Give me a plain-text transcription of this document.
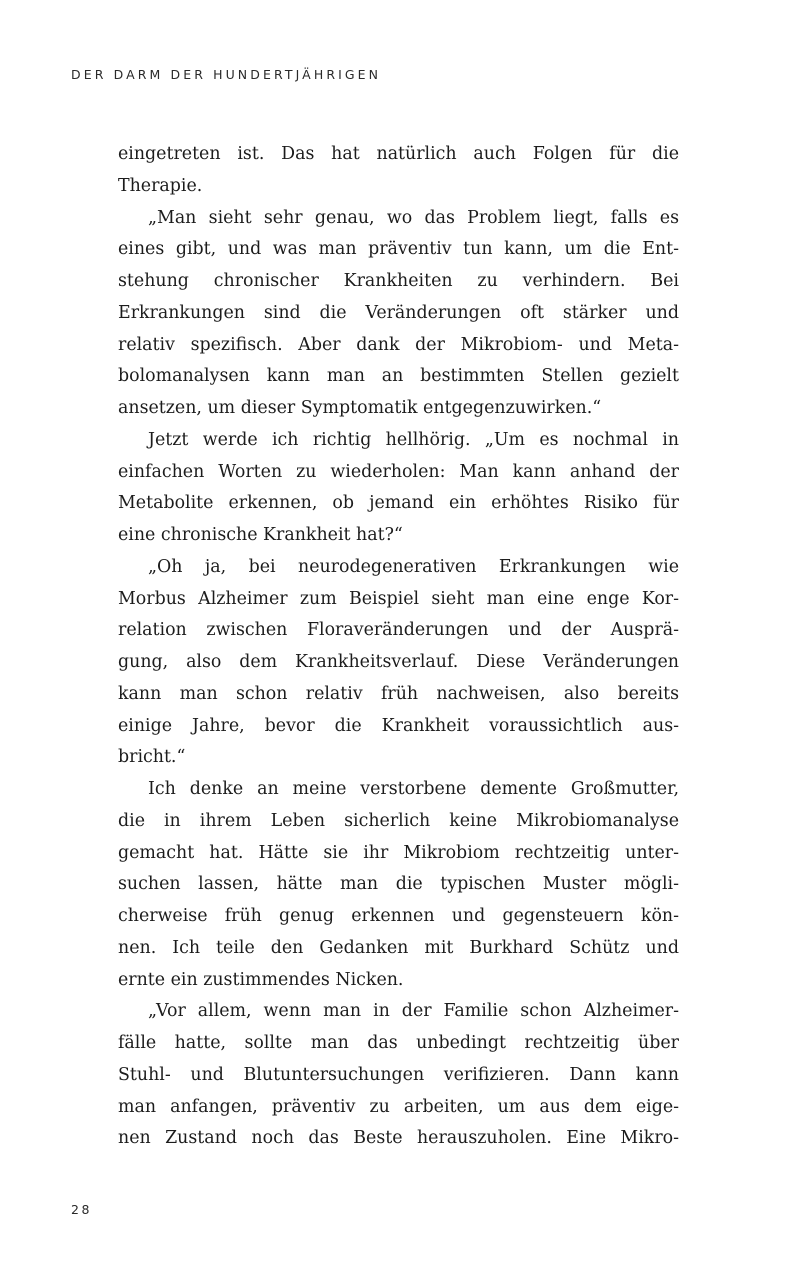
DER DARM DER HUNDERTJÄHRIGEN

eingetreten ist. Das hat natürlich auch Folgen für die
Therapie.

„Man sieht sehr genau, wo das Problem liegt, falls es
eines gibt, und was man präventiv tun kann, um die Ent-
stehung chronischer Krankheiten zu verhindern. Bei
Erkrankungen sind die Veränderungen oft stärker und
relativ spezifisch. Aber dank der Mikrobiom- und Meta-
bolomanalysen kann man an bestimmten Stellen gezielt
ansetzen, um dieser Symptomatik entgegenzuwirken.“

Jetzt werde ich richtig hellhörig. „Um es nochmal in
einfachen Worten zu wiederholen: Man kann anhand der
Metabolite erkennen, ob jemand ein erhöhtes Risiko für
eine chronische Krankheit hat?“

„Oh ja, bei neurodegenerativen Erkrankungen wie
Morbus Alzheimer zum Beispiel sieht man eine enge Kor-
relation zwischen Floraveränderungen und der Ausprä-
gung, also dem Krankheitsverlauf. Diese Veränderungen
kann man schon relativ früh nachweisen, also bereits
einige Jahre, bevor die Krankheit voraussichtlich aus-
bricht.“

Ich denke an meine verstorbene demente Großmutter,
die in ihrem Leben sicherlich keine Mikrobiomanalyse
gemacht hat. Hätte sie ihr Mikrobiom rechtzeitig unter-
suchen lassen, hätte man die typischen Muster mögli-
cherweise früh genug erkennen und gegensteuern kön-
nen. Ich teile den Gedanken mit Burkhard Schütz und
ernte ein zustimmendes Nicken.

„Vor allem, wenn man in der Familie schon Alzheimer-
fälle hatte, sollte man das unbedingt rechtzeitig über
Stuhl- und Blutuntersuchungen verifizieren. Dann kann
man anfangen, präventiv zu arbeiten, um aus dem eige-
nen Zustand noch das Beste herauszuholen. Eine Mikro-

28
